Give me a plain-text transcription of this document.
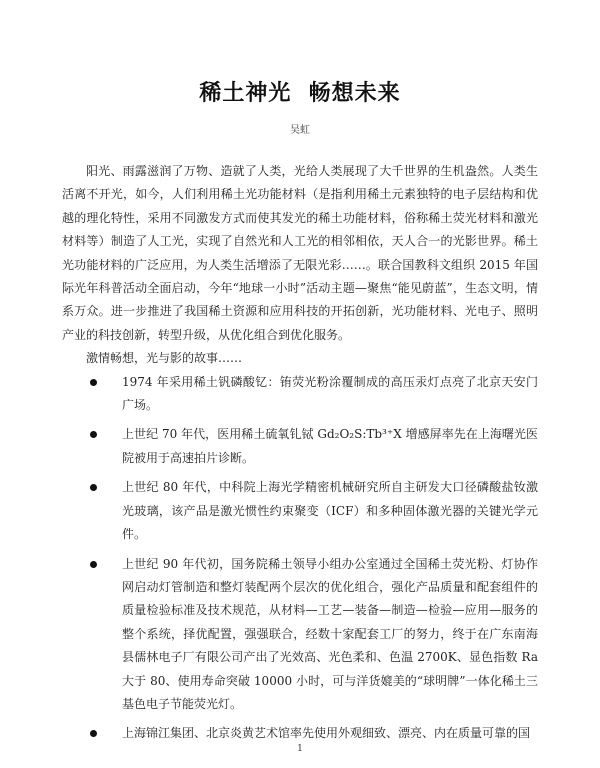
稀土神光  畅想未来
吴虹

阳光、雨露滋润了万物、造就了人类，光给人类展现了大千世界的生机盎然。人类生活离不开光，如今，人们利用稀土光功能材料（是指利用稀土元素独特的电子层结构和优越的理化特性，采用不同激发方式而使其发光的稀土功能材料，俗称稀土荧光材料和激光材料等）制造了人工光，实现了自然光和人工光的相邻相依，天人合一的光影世界。稀土光功能材料的广泛应用，为人类生活增添了无限光彩……。联合国教科文组织 2015 年国际光年科普活动全面启动，今年“地球一小时”活动主题—聚焦“能见蔚蓝”，生态文明，情系万众。进一步推进了我国稀土资源和应用科技的开拓创新，光功能材料、光电子、照明产业的科技创新，转型升级，从优化组合到优化服务。

激情畅想，光与影的故事……

1974 年采用稀土钒磷酸钇：铕荧光粉涂覆制成的高压汞灯点亮了北京天安门广场。
上世纪 70 年代，医用稀土硫氧钆铽 Gd₂O₂S:Tb³⁺X 增感屏率先在上海曙光医院被用于高速拍片诊断。
上世纪 80 年代，中科院上海光学精密机械研究所自主研发大口径磷酸盐钕激光玻璃，该产品是激光惯性约束聚变（ICF）和多种固体激光器的关键光学元件。
上世纪 90 年代初，国务院稀土领导小组办公室通过全国稀土荧光粉、灯协作网启动灯管制造和整灯装配两个层次的优化组合，强化产品质量和配套组件的质量检验标准及技术规范，从材料—工艺—装备—制造—检验—应用—服务的整个系统，择优配置，强强联合，经数十家配套工厂的努力，终于在广东南海县儒林电子厂有限公司产出了光效高、光色柔和、色温 2700K、显色指数 Ra大于 80、使用寿命突破 10000 小时，可与洋货媲美的“球明牌”一体化稀土三基色电子节能荧光灯。
上海锦江集团、北京炎黄艺术馆率先使用外观细致、漂亮、内在质量可靠的国
1
